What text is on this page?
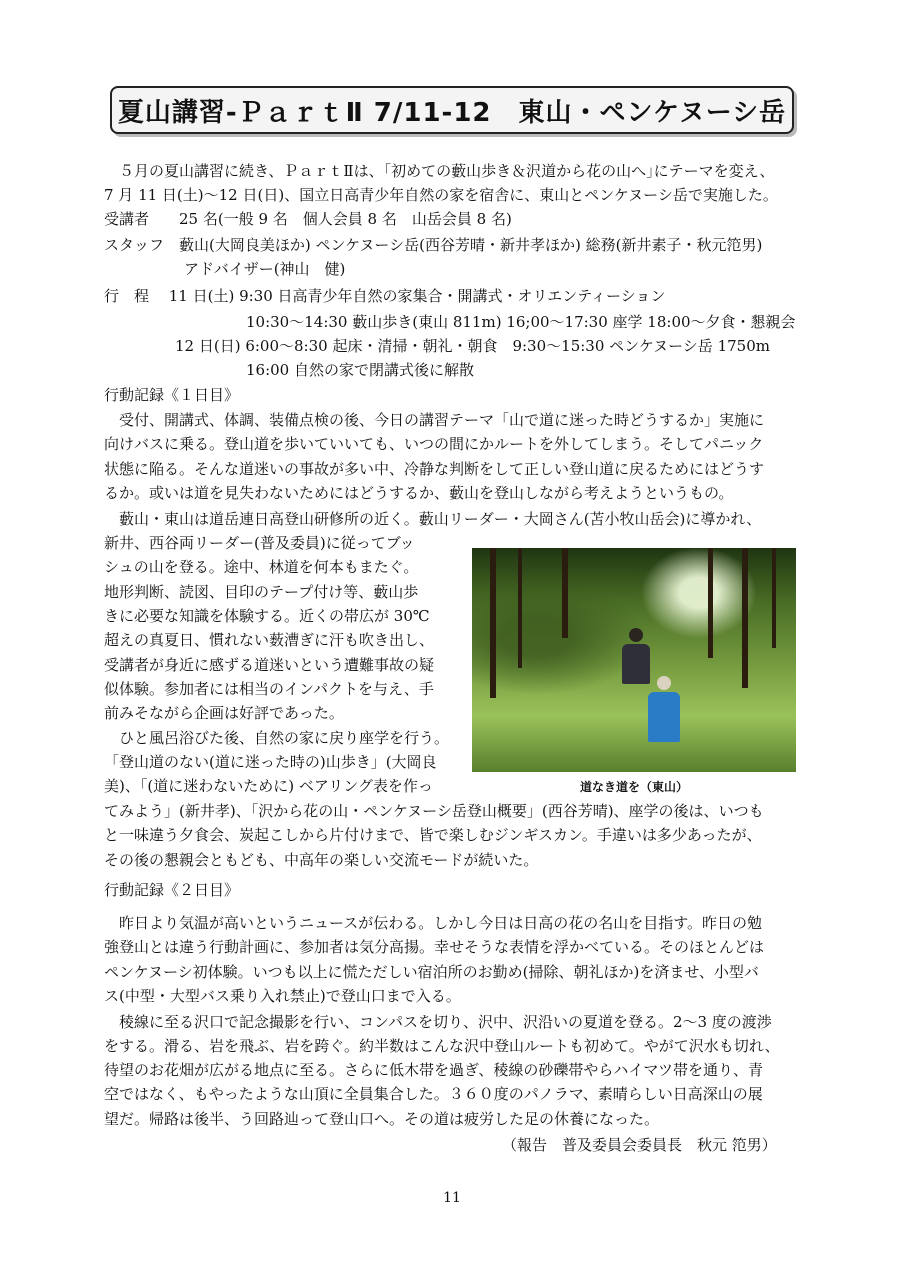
夏山講習-ＰａｒｔⅡ 7/11-12　東山・ペンケヌーシ岳
　５月の夏山講習に続き、ＰａｒｔⅡは、｢初めての藪山歩き＆沢道から花の山へ｣にテーマを変え、
7 月 11 日(土)～12 日(日)、国立日高青少年自然の家を宿舎に、東山とペンケヌーシ岳で実施した。
受講者　　25 名(一般 9 名　個人会員 8 名　山岳会員 8 名)
スタッフ　藪山(大岡良美ほか) ペンケヌーシ岳(西谷芳晴・新井孝ほか) 総務(新井素子・秋元笵男)
アドバイザー(神山　健)
行　程　 11 日(土) 9:30 日高青少年自然の家集合・開講式・オリエンティーション
10:30～14:30 藪山歩き(東山 811m) 16;00～17:30 座学 18:00～夕食・懇親会
12 日(日) 6:00～8:30 起床・清掃・朝礼・朝食　9:30～15:30 ペンケヌーシ岳 1750m
16:00 自然の家で閉講式後に解散
行動記録《１日目》
　受付、開講式、体調、装備点検の後、今日の講習テーマ「山で道に迷った時どうするか」実施に
向けバスに乗る。登山道を歩いていいても、いつの間にかルートを外してしまう。そしてパニック
状態に陥る。そんな道迷いの事故が多い中、冷静な判断をして正しい登山道に戻るためにはどうす
るか。或いは道を見失わないためにはどうするか、藪山を登山しながら考えようというもの。
　藪山・東山は道岳連日高登山研修所の近く。藪山リーダー・大岡さん(苫小牧山岳会)に導かれ、
新井、西谷両リーダー(普及委員)に従ってブッ
シュの山を登る。途中、林道を何本もまたぐ。
地形判断、読図、目印のテープ付け等、藪山歩
きに必要な知識を体験する。近くの帯広が 30℃
超えの真夏日、慣れない薮漕ぎに汗も吹き出し、
受講者が身近に感ずる道迷いという遭難事故の疑
似体験。参加者には相当のインパクトを与え、手
前みそながら企画は好評であった。
　ひと風呂浴びた後、自然の家に戻り座学を行う。
「登山道のない(道に迷った時の)山歩き」(大岡良
美)、「(道に迷わないために) ベアリング表を作っ
てみよう」(新井孝)、「沢から花の山・ペンケヌーシ岳登山概要」(西谷芳晴)、座学の後は、いつも
と一味違う夕食会、炭起こしから片付けまで、皆で楽しむジンギスカン。手違いは多少あったが、
その後の懇親会ともども、中高年の楽しい交流モードが続いた。
行動記録《２日目》
　昨日より気温が高いというニュースが伝わる。しかし今日は日高の花の名山を目指す。昨日の勉
強登山とは違う行動計画に、参加者は気分高揚。幸せそうな表情を浮かべている。そのほとんどは
ペンケヌーシ初体験。いつも以上に慌ただしい宿泊所のお勤め(掃除、朝礼ほか)を済ませ、小型バ
ス(中型・大型バス乗り入れ禁止)で登山口まで入る。
　稜線に至る沢口で記念撮影を行い、コンパスを切り、沢中、沢沿いの夏道を登る。2～3 度の渡渉
をする。滑る、岩を飛ぶ、岩を跨ぐ。約半数はこんな沢中登山ルートも初めて。やがて沢水も切れ、
待望のお花畑が広がる地点に至る。さらに低木帯を過ぎ、稜線の砂礫帯やらハイマツ帯を通り、青
空ではなく、もやったような山頂に全員集合した。３６０度のパノラマ、素晴らしい日高深山の展
望だ。帰路は後半、う回路辿って登山口へ。その道は疲労した足の休養になった。
（報告　普及委員会委員長　秋元 笵男）
道なき道を（東山）
11
